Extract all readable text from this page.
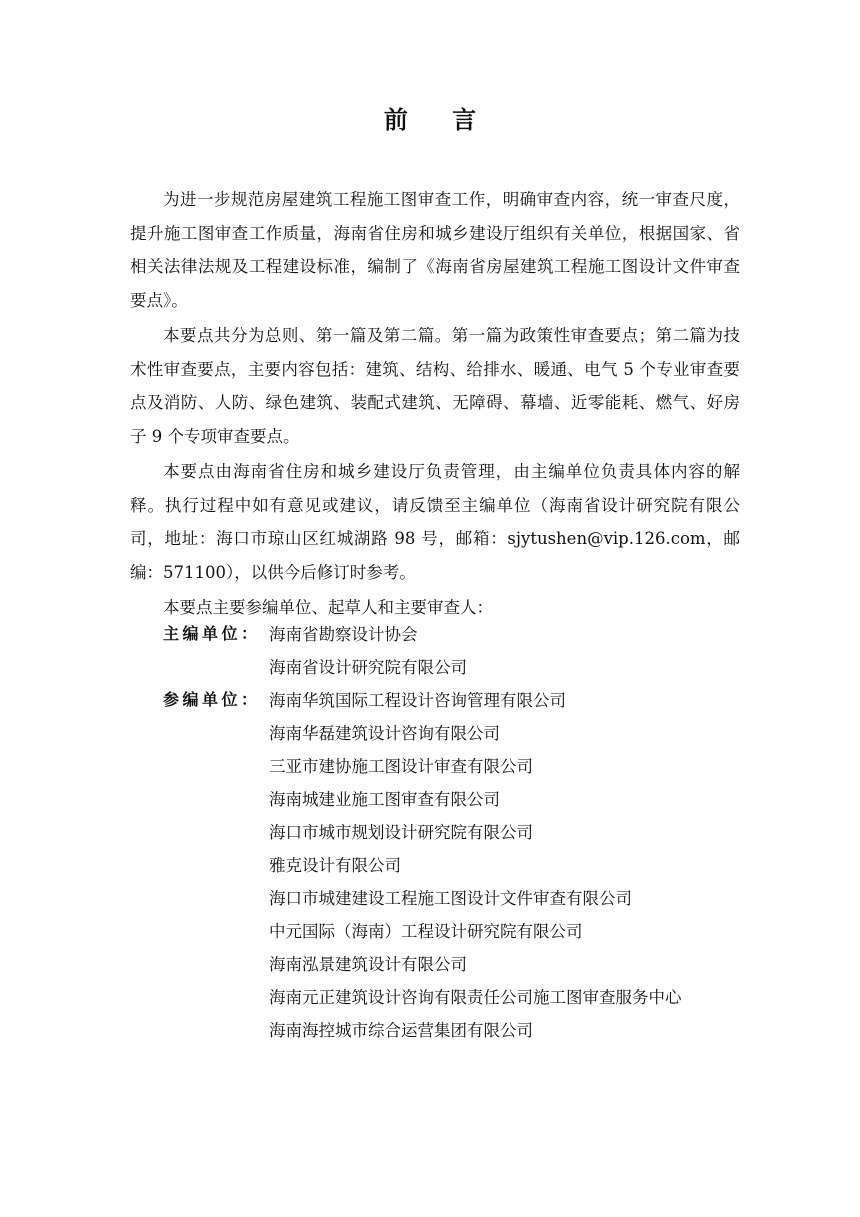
前 言

为进一步规范房屋建筑工程施工图审查工作，明确审查内容，统一审查尺度，提升施工图审查工作质量，海南省住房和城乡建设厅组织有关单位，根据国家、省相关法律法规及工程建设标准，编制了《海南省房屋建筑工程施工图设计文件审查要点》。

本要点共分为总则、第一篇及第二篇。第一篇为政策性审查要点；第二篇为技术性审查要点，主要内容包括：建筑、结构、给排水、暖通、电气 5 个专业审查要点及消防、人防、绿色建筑、装配式建筑、无障碍、幕墙、近零能耗、燃气、好房子 9 个专项审查要点。

本要点由海南省住房和城乡建设厅负责管理，由主编单位负责具体内容的解释。执行过程中如有意见或建议，请反馈至主编单位（海南省设计研究院有限公司，地址：海口市琼山区红城湖路 98 号，邮箱：sjytushen@vip.126.com，邮编：571100），以供今后修订时参考。

本要点主要参编单位、起草人和主要审查人：

主编单位： 海南省勘察设计协会
海南省设计研究院有限公司
参编单位： 海南华筑国际工程设计咨询管理有限公司
海南华磊建筑设计咨询有限公司
三亚市建协施工图设计审查有限公司
海南城建业施工图审查有限公司
海口市城市规划设计研究院有限公司
雅克设计有限公司
海口市城建建设工程施工图设计文件审查有限公司
中元国际（海南）工程设计研究院有限公司
海南泓景建筑设计有限公司
海南元正建筑设计咨询有限责任公司施工图审查服务中心
海南海控城市综合运营集团有限公司
